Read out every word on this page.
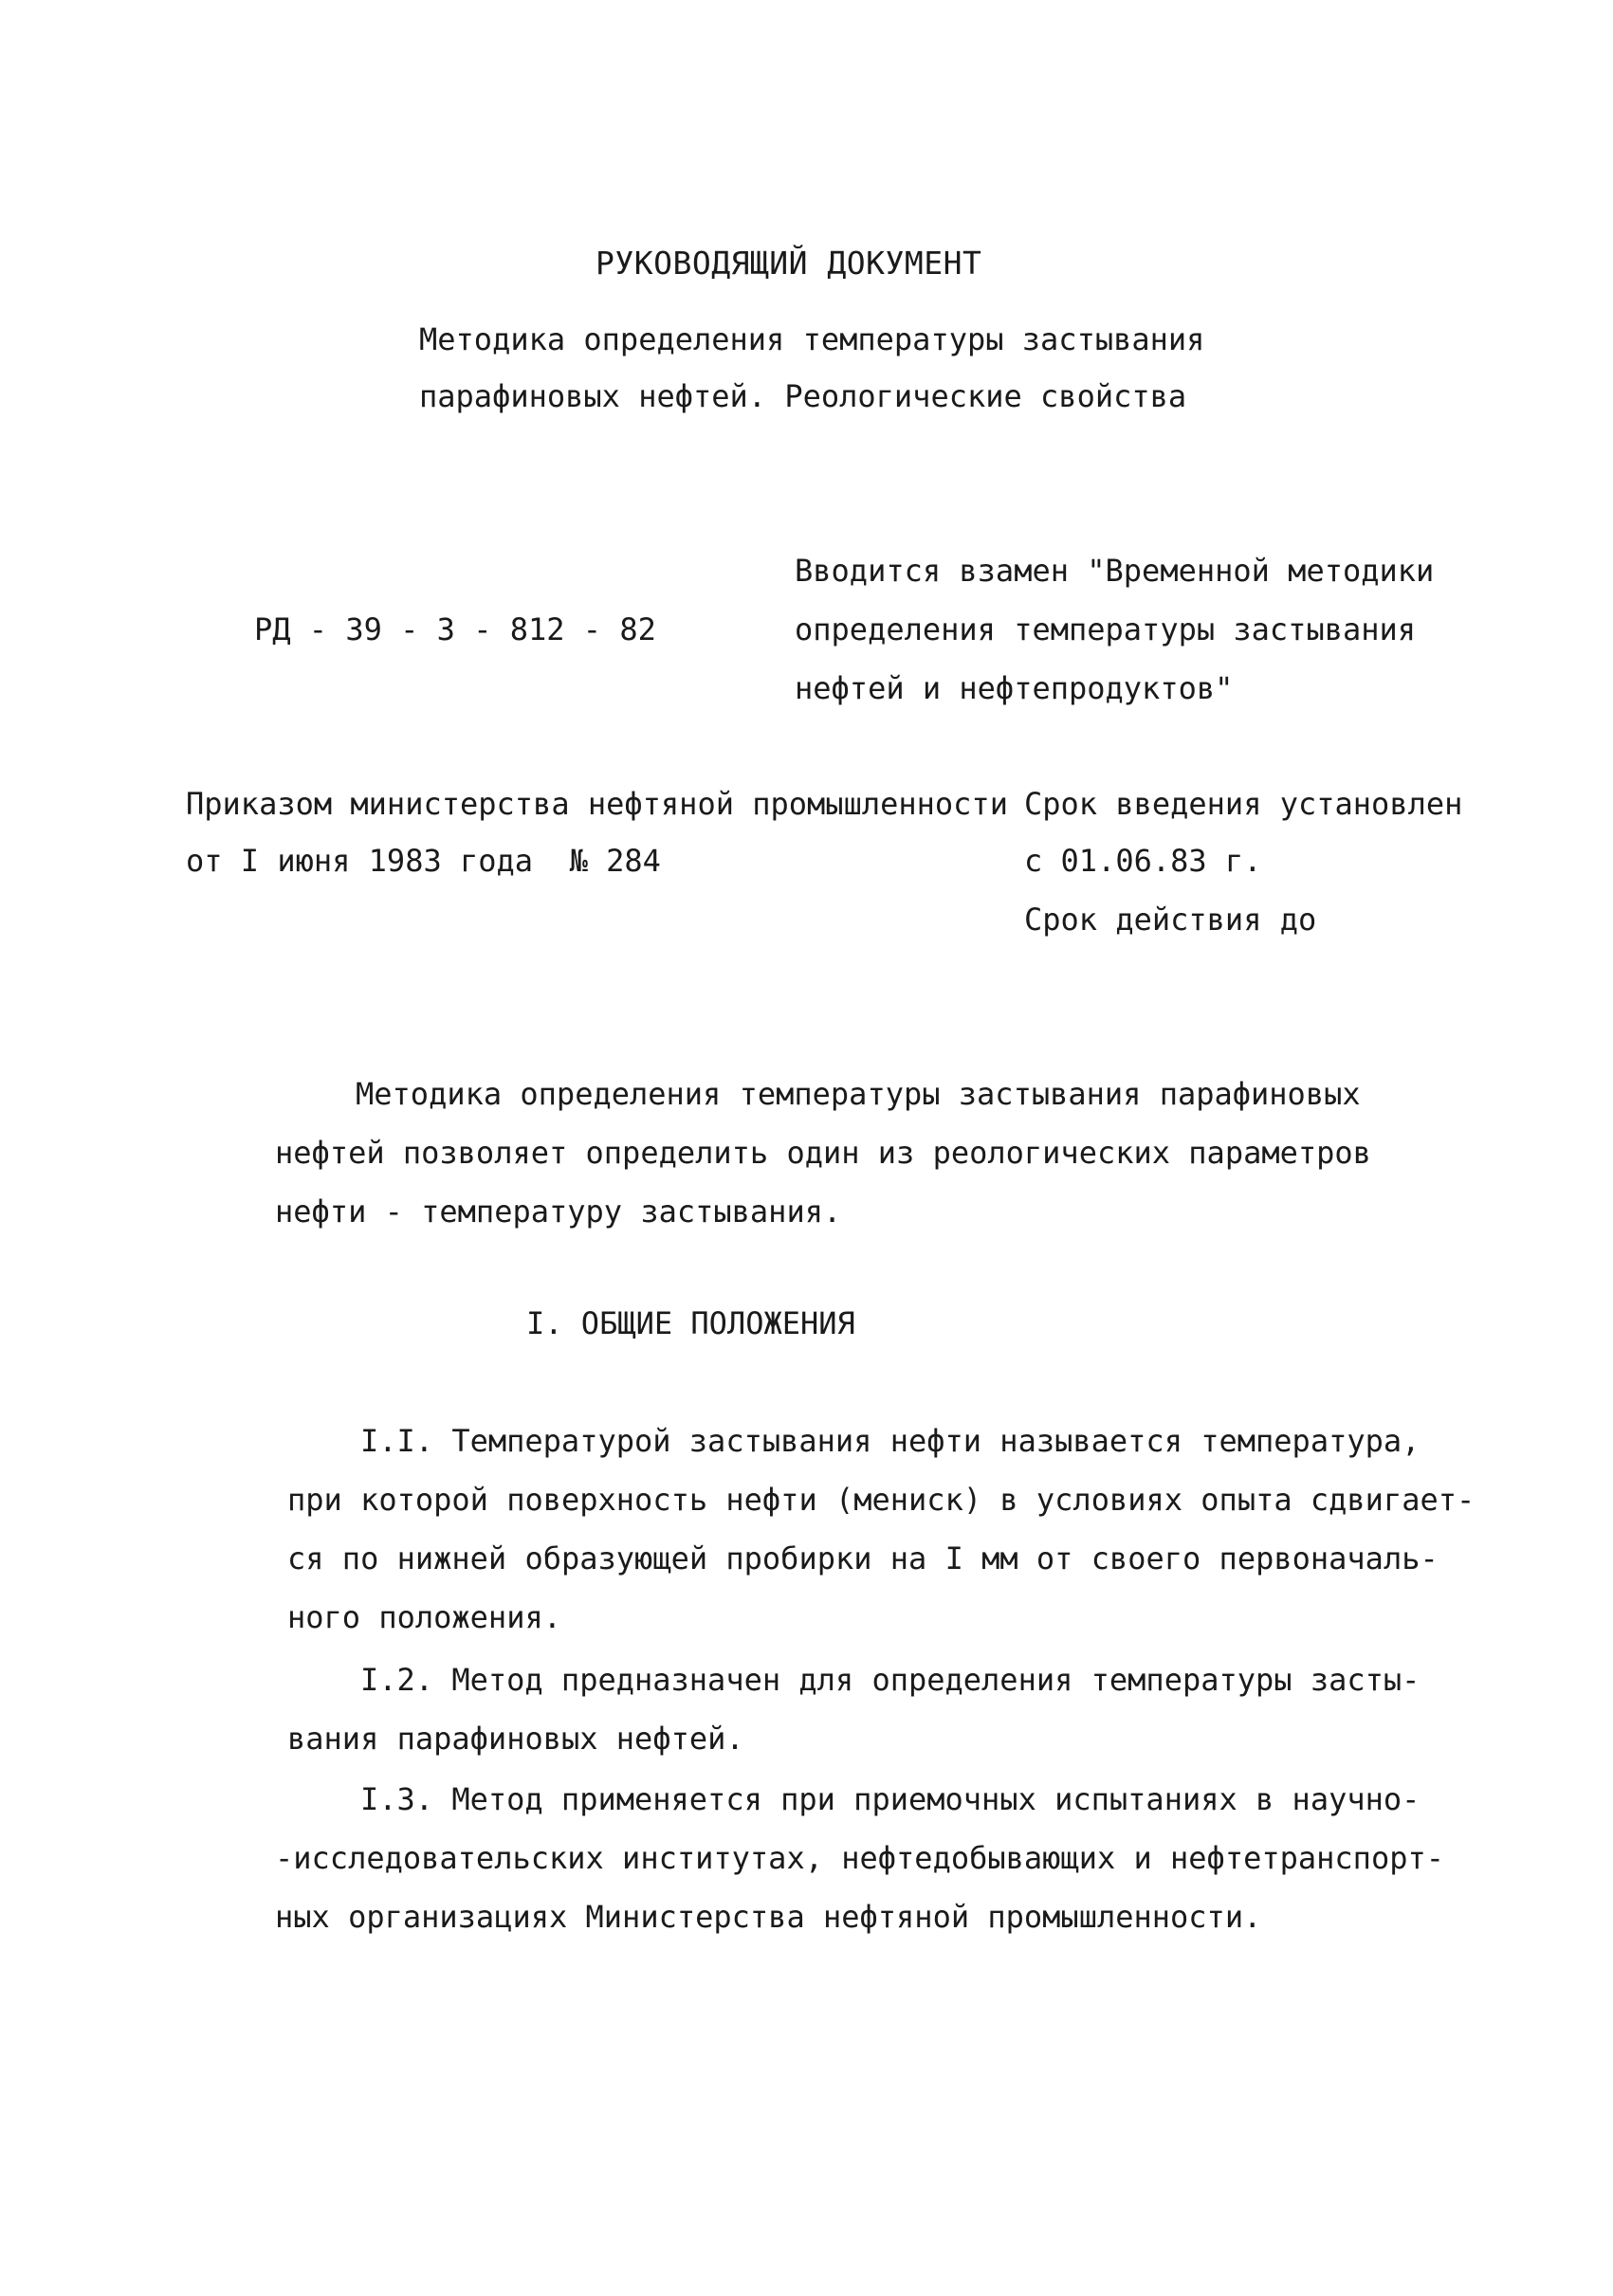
РУКОВОДЯЩИЙ ДОКУМЕНТ
Методика определения температуры застывания
парафиновых нефтей. Реологические свойства
РД - 39 - 3 - 812 - 82
Вводится взамен "Временной методики
определения температуры застывания
нефтей и нефтепродуктов"
Приказом министерства нефтяной промышленности
от I июня 1983 года  № 284
Срок введения установлен
с 01.06.83 г.
Срок действия до
Методика определения температуры застывания парафиновых
нефтей позволяет определить один из реологических параметров
нефти - температуру застывания.
I. ОБЩИЕ ПОЛОЖЕНИЯ
I.I. Температурой застывания нефти называется температура,
при которой поверхность нефти (мениск) в условиях опыта сдвигает-
ся по нижней образующей пробирки на I мм от своего первоначаль-
ного положения.
I.2. Метод предназначен для определения температуры засты-
вания парафиновых нефтей.
I.3. Метод применяется при приемочных испытаниях в научно-
-исследовательских институтах, нефтедобывающих и нефтетранспорт-
ных организациях Министерства нефтяной промышленности.
